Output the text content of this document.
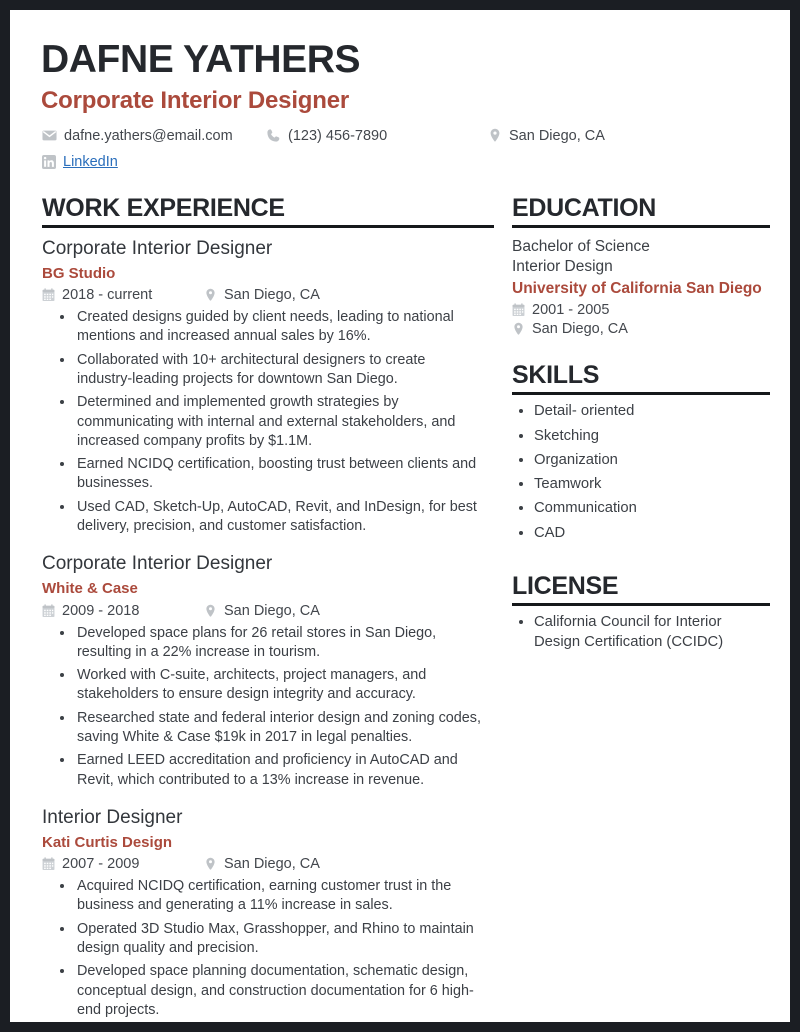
DAFNE YATHERS
Corporate Interior Designer
dafne.yathers@email.com	(123) 456-7890	San Diego, CA
LinkedIn
WORK EXPERIENCE
Corporate Interior Designer
BG Studio
2018 - current	San Diego, CA
• Created designs guided by client needs, leading to national mentions and increased annual sales by 16%.
• Collaborated with 10+ architectural designers to create industry-leading projects for downtown San Diego.
• Determined and implemented growth strategies by communicating with internal and external stakeholders, and increased company profits by $1.1M.
• Earned NCIDQ certification, boosting trust between clients and businesses.
• Used CAD, Sketch-Up, AutoCAD, Revit, and InDesign, for best delivery, precision, and customer satisfaction.
Corporate Interior Designer
White & Case
2009 - 2018	San Diego, CA
• Developed space plans for 26 retail stores in San Diego, resulting in a 22% increase in tourism.
• Worked with C-suite, architects, project managers, and stakeholders to ensure design integrity and accuracy.
• Researched state and federal interior design and zoning codes, saving White & Case $19k in 2017 in legal penalties.
• Earned LEED accreditation and proficiency in AutoCAD and Revit, which contributed to a 13% increase in revenue.
Interior Designer
Kati Curtis Design
2007 - 2009	San Diego, CA
• Acquired NCIDQ certification, earning customer trust in the business and generating a 11% increase in sales.
• Operated 3D Studio Max, Grasshopper, and Rhino to maintain design quality and precision.
• Developed space planning documentation, schematic design, conceptual design, and construction documentation for 6 high-end projects.
EDUCATION
Bachelor of Science
Interior Design
University of California San Diego
2001 - 2005
San Diego, CA
SKILLS
• Detail- oriented
• Sketching
• Organization
• Teamwork
• Communication
• CAD
LICENSE
• California Council for Interior Design Certification (CCIDC)
